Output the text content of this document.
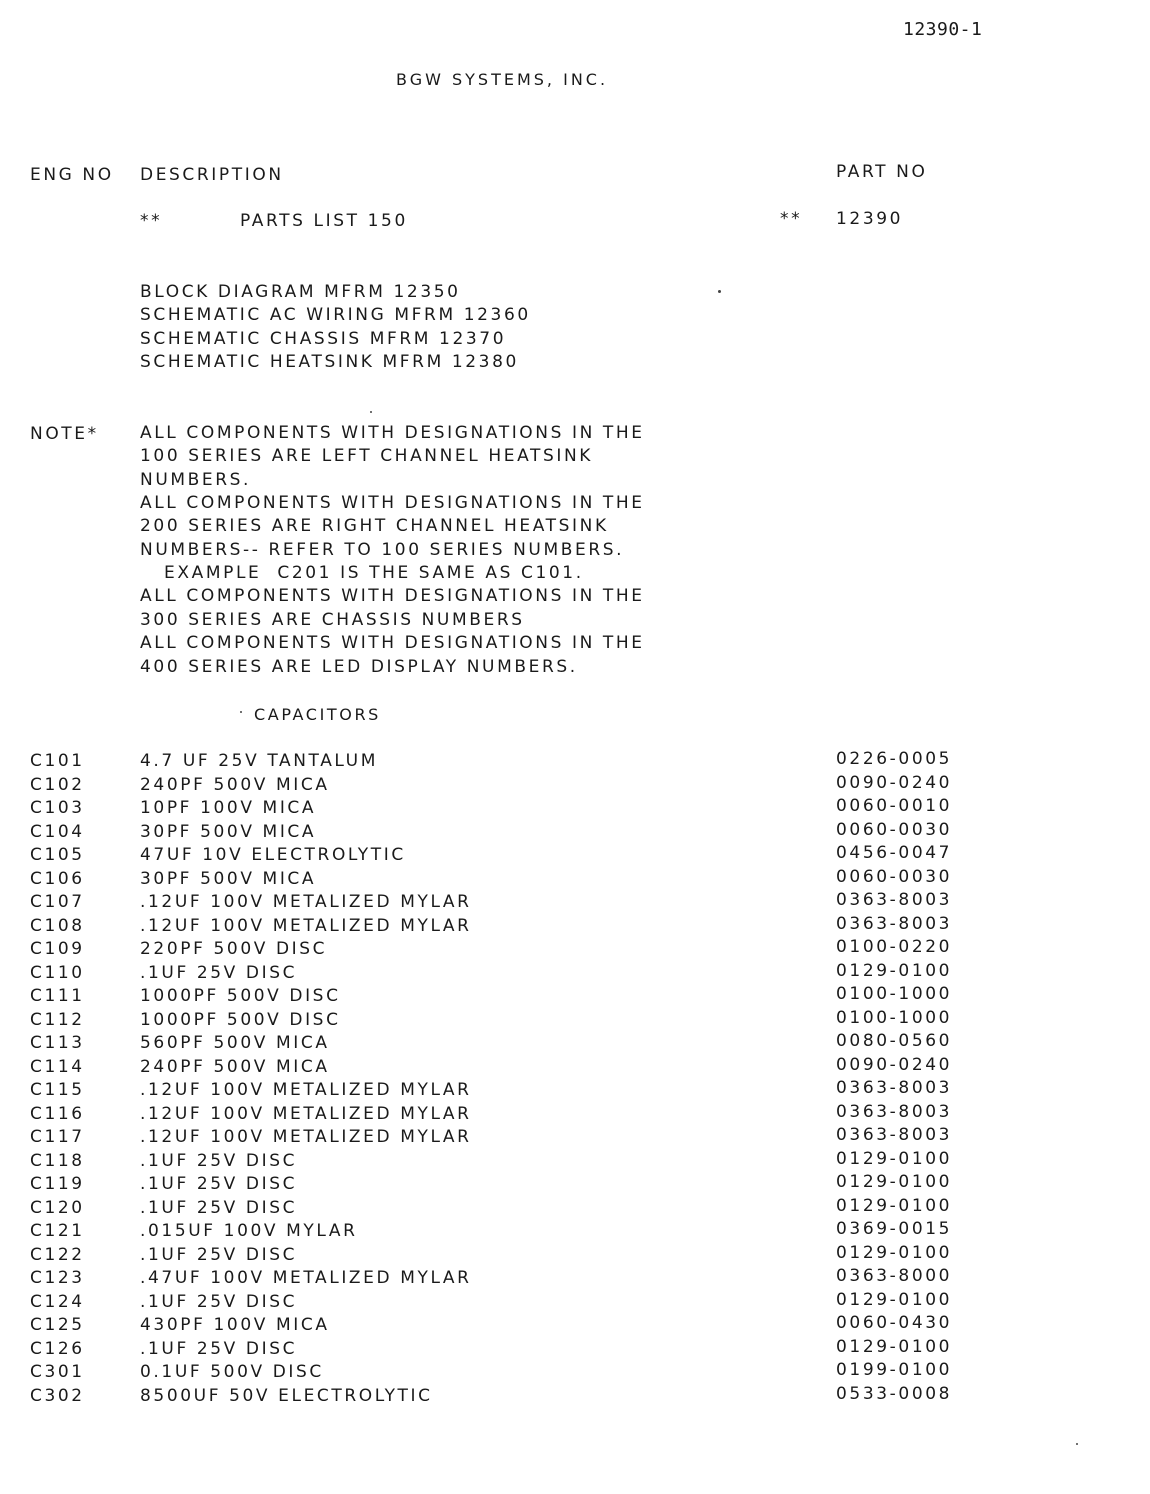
12390-1
BGW SYSTEMS, INC.
ENG NO DESCRIPTION	PART NO
**	PARTS LIST 150	** 12390
BLOCK DIAGRAM MFRM 12350
SCHEMATIC AC WIRING MFRM 12360
SCHEMATIC CHASSIS MFRM 12370
SCHEMATIC HEATSINK MFRM 12380
NOTE* ALL COMPONENTS WITH DESIGNATIONS IN THE
100 SERIES ARE LEFT CHANNEL HEATSINK
NUMBERS.
ALL COMPONENTS WITH DESIGNATIONS IN THE
200 SERIES ARE RIGHT CHANNEL HEATSINK
NUMBERS-- REFER TO 100 SERIES NUMBERS.
EXAMPLE  C201 IS THE SAME AS C101.
ALL COMPONENTS WITH DESIGNATIONS IN THE
300 SERIES ARE CHASSIS NUMBERS
ALL COMPONENTS WITH DESIGNATIONS IN THE
400 SERIES ARE LED DISPLAY NUMBERS.
CAPACITORS
C101	4.7 UF 25V TANTALUM	0226-0005
C102	240PF 500V MICA	0090-0240
C103	10PF 100V MICA	0060-0010
C104	30PF 500V MICA	0060-0030
C105	47UF 10V ELECTROLYTIC	0456-0047
C106	30PF 500V MICA	0060-0030
C107	.12UF 100V METALIZED MYLAR	0363-8003
C108	.12UF 100V METALIZED MYLAR	0363-8003
C109	220PF 500V DISC	0100-0220
C110	.1UF 25V DISC	0129-0100
C111	1000PF 500V DISC	0100-1000
C112	1000PF 500V DISC	0100-1000
C113	560PF 500V MICA	0080-0560
C114	240PF 500V MICA	0090-0240
C115	.12UF 100V METALIZED MYLAR	0363-8003
C116	.12UF 100V METALIZED MYLAR	0363-8003
C117	.12UF 100V METALIZED MYLAR	0363-8003
C118	.1UF 25V DISC	0129-0100
C119	.1UF 25V DISC	0129-0100
C120	.1UF 25V DISC	0129-0100
C121	.015UF 100V MYLAR	0369-0015
C122	.1UF 25V DISC	0129-0100
C123	.47UF 100V METALIZED MYLAR	0363-8000
C124	.1UF 25V DISC	0129-0100
C125	430PF 100V MICA	0060-0430
C126	.1UF 25V DISC	0129-0100
C301	0.1UF 500V DISC	0199-0100
C302	8500UF 50V ELECTROLYTIC	0533-0008
